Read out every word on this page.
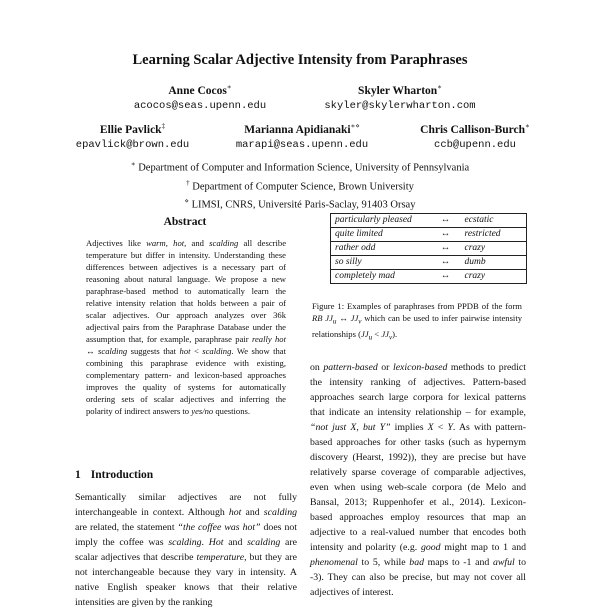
Learning Scalar Adjective Intensity from Paraphrases
Anne Cocos∗
acocos@seas.upenn.edu
Skyler Wharton∗
skyler@skylerwharton.com
Ellie Pavlick‡
epavlick@brown.edu
Marianna Apidianaki∗⋄
marapi@seas.upenn.edu
Chris Callison-Burch∗
ccb@upenn.edu
∗ Department of Computer and Information Science, University of Pennsylvania
† Department of Computer Science, Brown University
⋄ LIMSI, CNRS, Université Paris-Saclay, 91403 Orsay
Abstract
Adjectives like warm, hot, and scalding all describe temperature but differ in intensity. Understanding these differences between adjectives is a necessary part of reasoning about natural language. We propose a new paraphrase-based method to automatically learn the relative intensity relation that holds between a pair of scalar adjectives. Our approach analyzes over 36k adjectival pairs from the Paraphrase Database under the assumption that, for example, paraphrase pair really hot ↔ scalding suggests that hot < scalding. We show that combining this paraphrase evidence with existing, complementary pattern- and lexicon-based approaches improves the quality of systems for automatically ordering sets of scalar adjectives and inferring the polarity of indirect answers to yes/no questions.
1 Introduction
Semantically similar adjectives are not fully interchangeable in context. Although hot and scalding are related, the statement “the coffee was hot” does not imply the coffee was scalding. Hot and scalding are scalar adjectives that describe temperature, but they are not interchangeable because they vary in intensity. A native English speaker knows that their relative intensities are given by the ranking
particularly pleased	↔	ecstatic
quite limited	↔	restricted
rather odd	↔	crazy
so silly	↔	dumb
completely mad	↔	crazy
Figure 1: Examples of paraphrases from PPDB of the form RB $JJ_u$ ↔ $JJ_v$ which can be used to infer pairwise intensity relationships $(JJ_u < JJ_v)$.
on pattern-based or lexicon-based methods to predict the intensity ranking of adjectives. Pattern-based approaches search large corpora for lexical patterns that indicate an intensity relationship – for example, “not just X, but Y” implies X < Y. As with pattern-based approaches for other tasks (such as hypernym discovery (Hearst, 1992)), they are precise but have relatively sparse coverage of comparable adjectives, even when using web-scale corpora (de Melo and Bansal, 2013; Ruppenhofer et al., 2014). Lexicon-based approaches employ resources that map an adjective to a real-valued number that encodes both intensity and polarity (e.g. good might map to 1 and phenomenal to 5, while bad maps to -1 and awful to -3). They can also be precise, but may not cover all adjectives of interest.
